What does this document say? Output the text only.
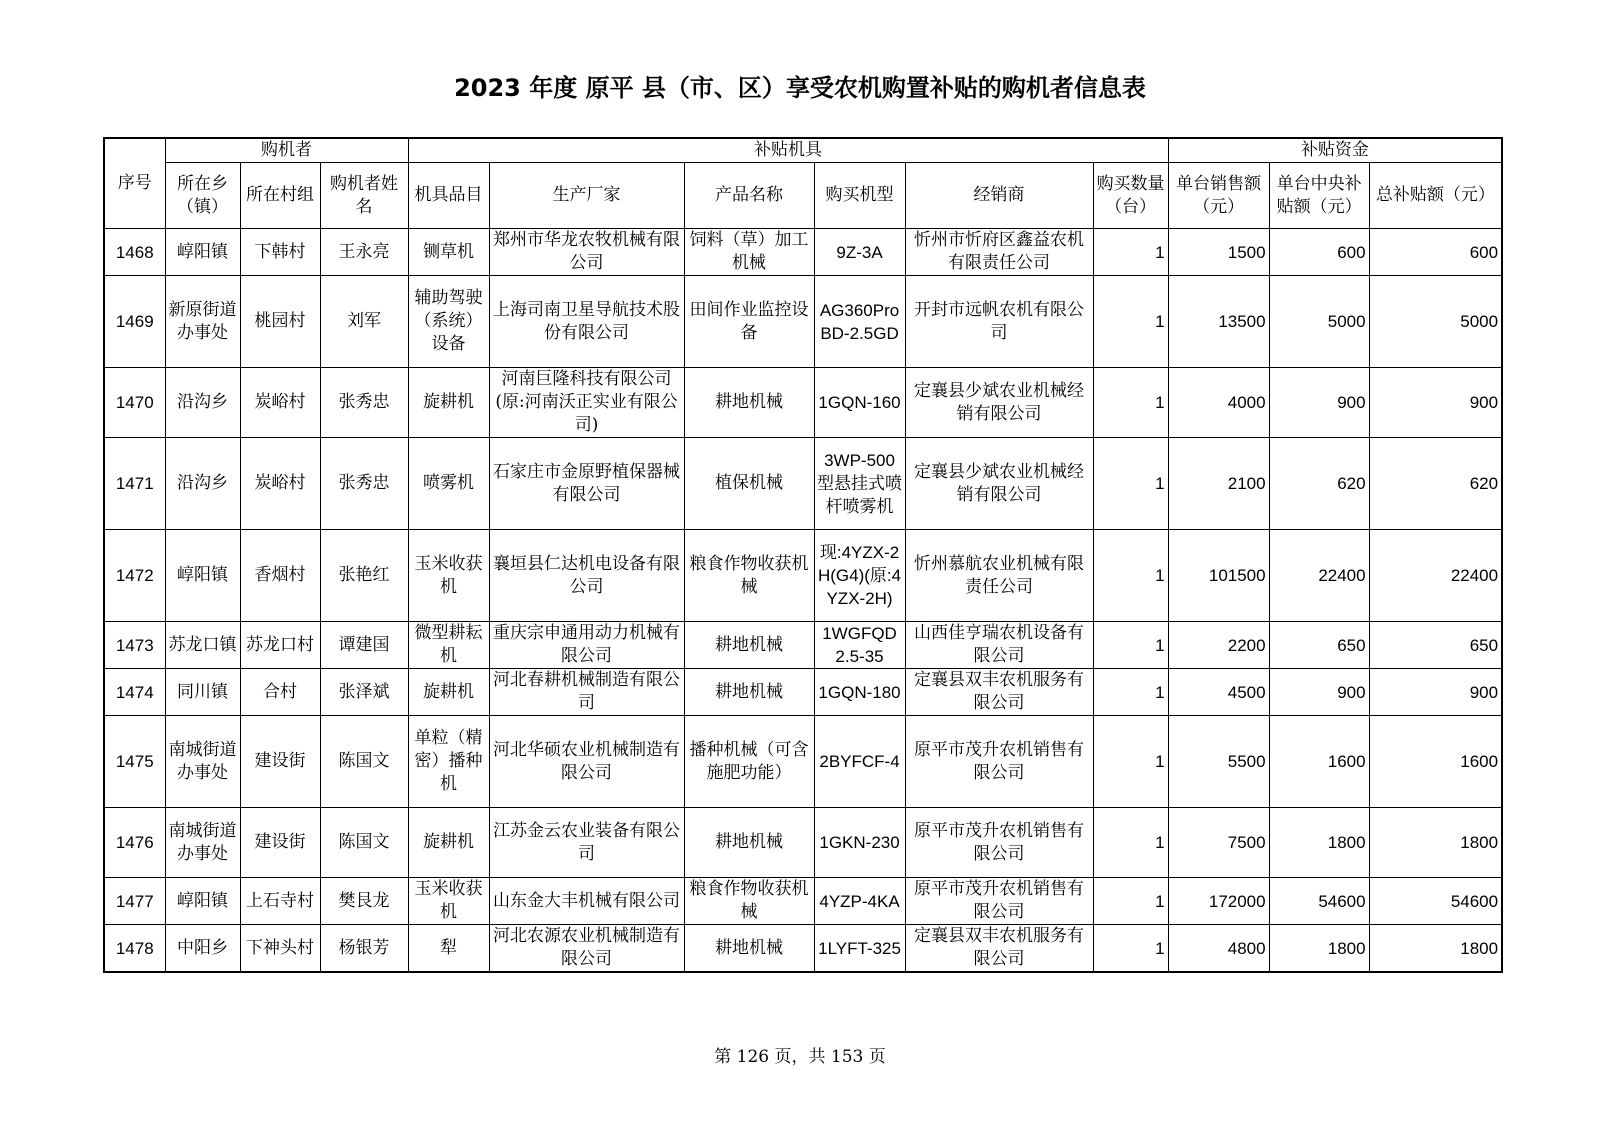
2023 年度 原平 县（市、区）享受农机购置补贴的购机者信息表
序号	购机者			补贴机具						补贴资金		
	所在乡（镇）	所在村组	购机者姓名	机具品目	生产厂家	产品名称	购买机型	经销商	购买数量（台）	单台销售额（元）	单台中央补贴额（元）	总补贴额（元）
1468	崞阳镇	下韩村	王永亮	铡草机	郑州市华龙农牧机械有限公司	饲料（草）加工机械	9Z-3A	忻州市忻府区鑫益农机有限责任公司	1	1500	600	600
1469	新原街道办事处	桃园村	刘军	辅助驾驶（系统）设备	上海司南卫星导航技术股份有限公司	田间作业监控设备	AG360ProBD-2.5GD	开封市远帆农机有限公司	1	13500	5000	5000
1470	沿沟乡	炭峪村	张秀忠	旋耕机	河南巨隆科技有限公司(原:河南沃正实业有限公司)	耕地机械	1GQN-160	定襄县少斌农业机械经销有限公司	1	4000	900	900
1471	沿沟乡	炭峪村	张秀忠	喷雾机	石家庄市金原野植保器械有限公司	植保机械	3WP-500型悬挂式喷杆喷雾机	定襄县少斌农业机械经销有限公司	1	2100	620	620
1472	崞阳镇	香烟村	张艳红	玉米收获机	襄垣县仁达机电设备有限公司	粮食作物收获机械	现:4YZX-2H(G4)(原:4YZX-2H)	忻州慕航农业机械有限责任公司	1	101500	22400	22400
1473	苏龙口镇	苏龙口村	谭建国	微型耕耘机	重庆宗申通用动力机械有限公司	耕地机械	1WGFQD2.5-35	山西佳亨瑞农机设备有限公司	1	2200	650	650
1474	同川镇	合村	张泽斌	旋耕机	河北春耕机械制造有限公司	耕地机械	1GQN-180	定襄县双丰农机服务有限公司	1	4500	900	900
1475	南城街道办事处	建设街	陈国文	单粒（精密）播种机	河北华硕农业机械制造有限公司	播种机械（可含施肥功能）	2BYFCF-4	原平市茂升农机销售有限公司	1	5500	1600	1600
1476	南城街道办事处	建设街	陈国文	旋耕机	江苏金云农业装备有限公司	耕地机械	1GKN-230	原平市茂升农机销售有限公司	1	7500	1800	1800
1477	崞阳镇	上石寺村	樊艮龙	玉米收获机	山东金大丰机械有限公司	粮食作物收获机械	4YZP-4KA	原平市茂升农机销售有限公司	1	172000	54600	54600
1478	中阳乡	下神头村	杨银芳	犁	河北农源农业机械制造有限公司	耕地机械	1LYFT-325	定襄县双丰农机服务有限公司	1	4800	1800	1800
第 126 页，共 153 页
